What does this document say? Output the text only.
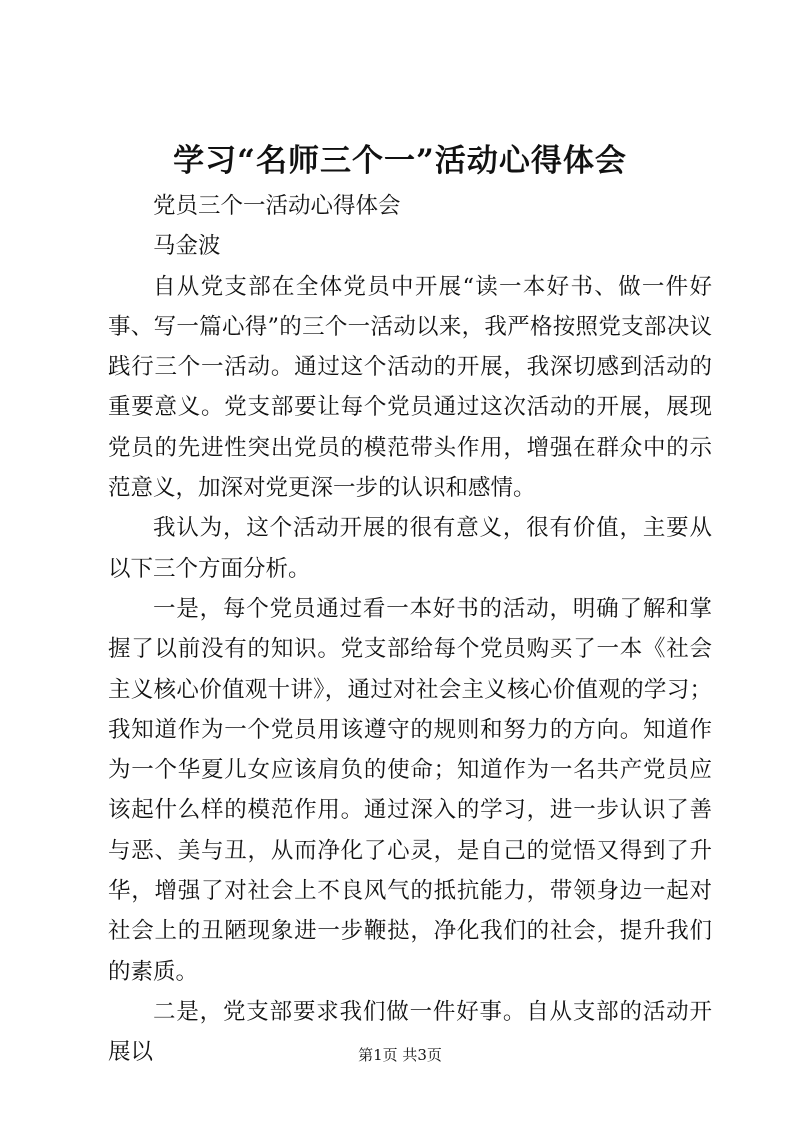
学习“名师三个一”活动心得体会

党员三个一活动心得体会

马金波

自从党支部在全体党员中开展“读一本好书、做一件好事、写一篇心得”的三个一活动以来，我严格按照党支部决议践行三个一活动。通过这个活动的开展，我深切感到活动的重要意义。党支部要让每个党员通过这次活动的开展，展现党员的先进性突出党员的模范带头作用，增强在群众中的示范意义，加深对党更深一步的认识和感情。

我认为，这个活动开展的很有意义，很有价值，主要从以下三个方面分析。

一是，每个党员通过看一本好书的活动，明确了解和掌握了以前没有的知识。党支部给每个党员购买了一本《社会主义核心价值观十讲》，通过对社会主义核心价值观的学习；我知道作为一个党员用该遵守的规则和努力的方向。知道作为一个华夏儿女应该肩负的使命；知道作为一名共产党员应该起什么样的模范作用。通过深入的学习，进一步认识了善与恶、美与丑，从而净化了心灵，是自己的觉悟又得到了升华，增强了对社会上不良风气的抵抗能力，带领身边一起对社会上的丑陋现象进一步鞭挞，净化我们的社会，提升我们的素质。

二是，党支部要求我们做一件好事。自从支部的活动开展以	第1页 共3页
